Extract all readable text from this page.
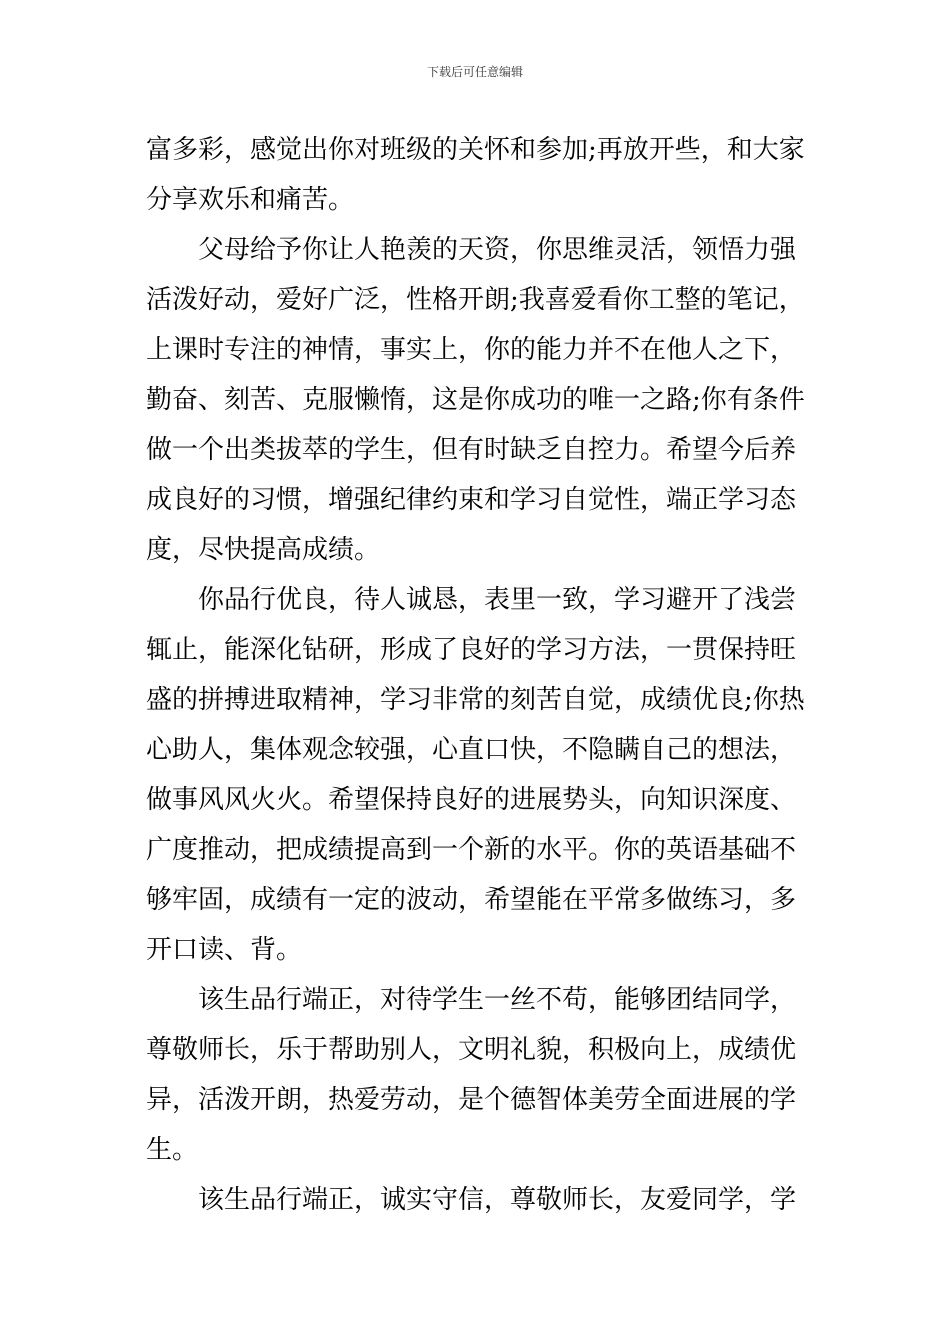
下载后可任意编辑
富多彩，感觉出你对班级的关怀和参加;再放开些，和大家
分享欢乐和痛苦。
父母给予你让人艳羡的天资，你思维灵活，领悟力强
活泼好动，爱好广泛，性格开朗;我喜爱看你工整的笔记，
上课时专注的神情，事实上，你的能力并不在他人之下，
勤奋、刻苦、克服懒惰，这是你成功的唯一之路;你有条件
做一个出类拔萃的学生，但有时缺乏自控力。希望今后养
成良好的习惯，增强纪律约束和学习自觉性，端正学习态
度，尽快提高成绩。
你品行优良，待人诚恳，表里一致，学习避开了浅尝
辄止，能深化钻研，形成了良好的学习方法，一贯保持旺
盛的拼搏进取精神，学习非常的刻苦自觉，成绩优良;你热
心助人，集体观念较强，心直口快，不隐瞒自己的想法，
做事风风火火。希望保持良好的进展势头，向知识深度、
广度推动，把成绩提高到一个新的水平。你的英语基础不
够牢固，成绩有一定的波动，希望能在平常多做练习，多
开口读、背。
该生品行端正，对待学生一丝不苟，能够团结同学，
尊敬师长，乐于帮助别人，文明礼貌，积极向上，成绩优
异，活泼开朗，热爱劳动，是个德智体美劳全面进展的学
生。
该生品行端正，诚实守信，尊敬师长，友爱同学，学
